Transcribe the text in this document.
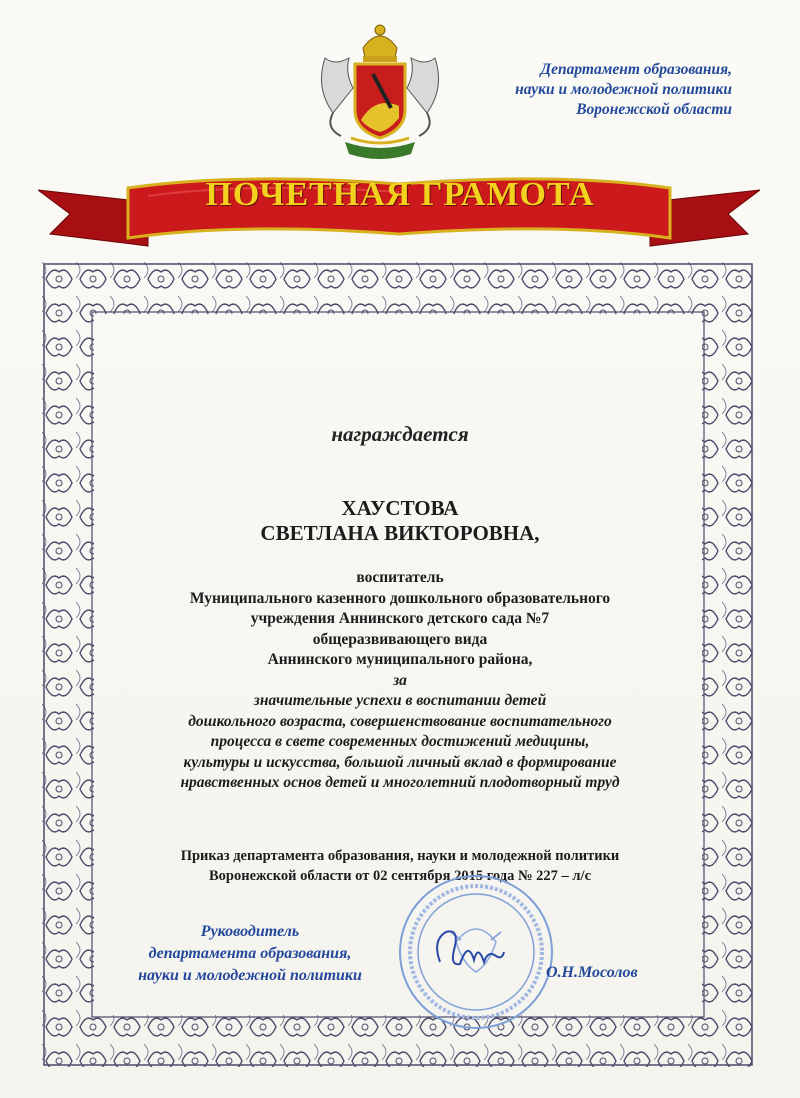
Департамент образования,
науки и молодежной политики
Воронежской области
ПОЧЕТНАЯ ГРАМОТА
награждается
ХАУСТОВА
СВЕТЛАНА ВИКТОРОВНА,
воспитатель
Муниципального казенного дошкольного образовательного
учреждения Аннинского детского сада №7
общеразвивающего вида
Аннинского муниципального района,
за
значительные успехи в воспитании детей
дошкольного возраста, совершенствование воспитательного
процесса в свете современных достижений медицины,
культуры и искусства, большой личный вклад в формирование
нравственных основ детей и многолетний плодотворный труд
Приказ департамента образования, науки и молодежной политики
Воронежской области от 02 сентября 2015 года № 227 – л/с
Руководитель
департамента образования,
науки и молодежной политики	О.Н.Мосолов
